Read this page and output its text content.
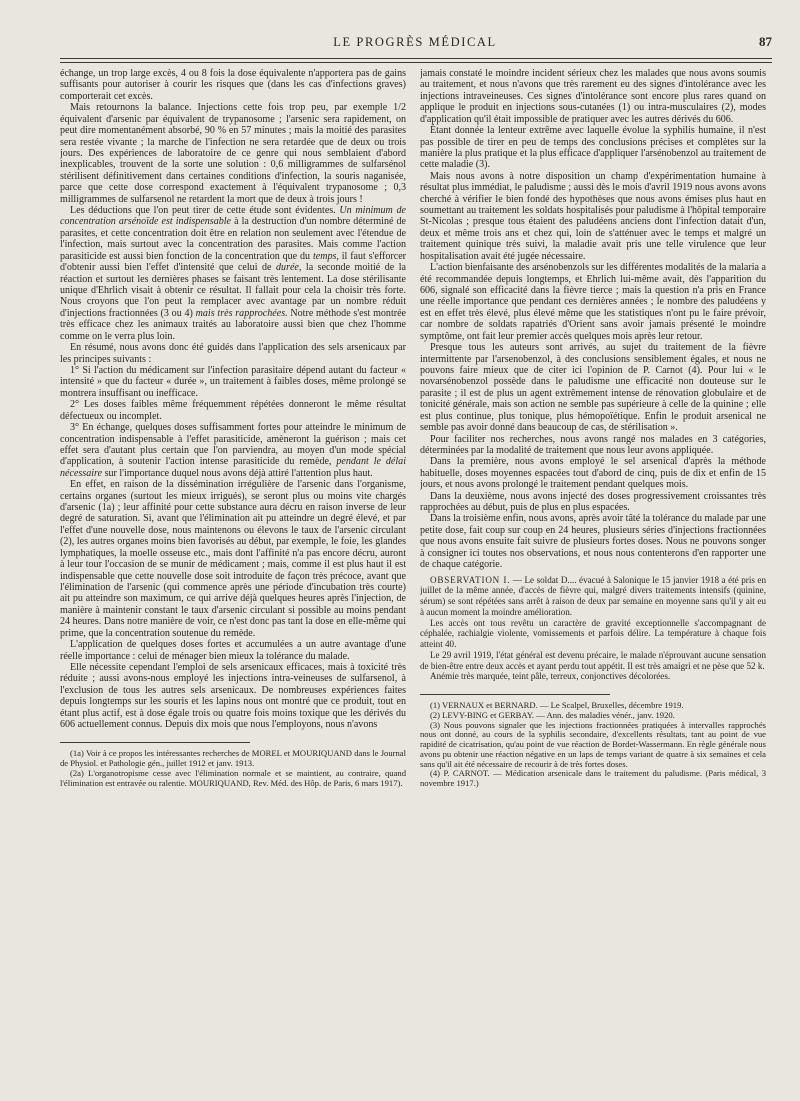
LE PROGRÈS MÉDICAL	87

échange, un trop large excès, 4 ou 8 fois la dose équivalente n'apportera pas de gains suffisants pour autoriser à courir les risques que (dans les cas d'infections graves) comporterait cet excès.

Mais retournons la balance. Injections cette fois trop peu, par exemple 1/2 équivalent d'arsenic par équivalent de trypanosome ; l'arsenic sera rapidement, on peut dire momentanément absorbé, 90 % en 57 minutes ; mais la moitié des parasites sera restée vivante ; la marche de l'infection ne sera retardée que de deux ou trois jours. Des expériences de laboratoire de ce genre qui nous semblaient d'abord inexplicables, trouvent de la sorte une solution : 0,6 milligrammes de sulfarsénol stérilisent définitivement dans certaines conditions d'infection, la souris naganisée, parce que cette dose correspond exactement à l'équivalent trypanosome ; 0,3 milligrammes de sulfarsenol ne retardent la mort que de deux à trois jours !

Les déductions que l'on peut tirer de cette étude sont évidentes. Un minimum de concentration arsénoïde est indispensable à la destruction d'un nombre déterminé de parasites, et cette concentration doit être en relation non seulement avec l'étendue de l'infection, mais surtout avec la concentration des parasites. Mais comme l'action parasiticide est aussi bien fonction de la concentration que du temps, il faut s'efforcer d'obtenir aussi bien l'effet d'intensité que celui de durée, la seconde moitié de la réaction et surtout les dernières phases se faisant très lentement. La dose stérilisante unique d'Ehrlich visait à obtenir ce résultat. Il fallait pour cela la choisir très forte. Nous croyons que l'on peut la remplacer avec avantage par un nombre réduit d'injections fractionnées (3 ou 4) mais très rapprochées. Notre méthode s'est montrée très efficace chez les animaux traités au laboratoire aussi bien que chez l'homme comme on le verra plus loin.

En résumé, nous avons donc été guidés dans l'application des sels arsenicaux par les principes suivants :

1° Si l'action du médicament sur l'infection parasitaire dépend autant du facteur « intensité » que du facteur « durée », un traitement à faibles doses, même prolongé se montrera insuffisant ou inefficace.

2° Les doses faibles même fréquemment répétées donneront le même résultat défectueux ou incomplet.

3° En échange, quelques doses suffisamment fortes pour atteindre le minimum de concentration indispensable à l'effet parasiticide, amèneront la guérison ; mais cet effet sera d'autant plus certain que l'on parviendra, au moyen d'un mode spécial d'application, à soutenir l'action intense parasiticide du remède, pendant le délai nécessaire sur l'importance duquel nous avons déjà attiré l'attention plus haut.

En effet, en raison de la dissémination irrégulière de l'arsenic dans l'organisme, certains organes (surtout les mieux irrigués), se seront plus ou moins vite chargés d'arsenic (1a) ; leur affinité pour cette substance aura décru en raison inverse de leur degré de saturation. Si, avant que l'élimination ait pu atteindre un degré élevé, et par l'effet d'une nouvelle dose, nous maintenons ou élevons le taux de l'arsenic circulant (2), les autres organes moins bien favorisés au début, par exemple, le foie, les glandes lymphatiques, la moelle osseuse etc., mais dont l'affinité n'a pas encore décru, auront à leur tour l'occasion de se munir de médicament ; mais, comme il est plus haut il est indispensable que cette nouvelle dose soit introduite de façon très précoce, avant que l'élimination de l'arsenic (qui commence après une période d'incubation très courte) ait pu atteindre son maximum, ce qui arrive déjà quelques heures après l'injection, de manière à maintenir constant le taux d'arsenic circulant si possible au moins pendant 24 heures. Dans notre manière de voir, ce n'est donc pas tant la dose en elle-même qui prime, que la concentration soutenue du remède.

L'application de quelques doses fortes et accumulées a un autre avantage d'une réelle importance : celui de ménager bien mieux la tolérance du malade.

Elle nécessite cependant l'emploi de sels arsenicaux efficaces, mais à toxicité très réduite ; aussi avons-nous employé les injections intra-veineuses de sulfarsenol, à l'exclusion de tous les autres sels arsenicaux. De nombreuses expériences faites depuis longtemps sur les souris et les lapins nous ont montré que ce produit, tout en étant plus actif, est à dose égale trois ou quatre fois moins toxique que les dérivés du 606 actuellement connus. Depuis dix mois que nous l'employons, nous n'avons

(1a) Voir à ce propos les intéressantes recherches de MOREL et MOURIQUAND dans le Journal de Physiol. et Pathologie gén., juillet 1912 et janv. 1913.

(2a) L'organotropisme cesse avec l'élimination normale et se maintient, au contraire, quand l'élimination est entravée ou ralentie. MOURIQUAND, Rev. Méd. des Hôp. de Paris, 6 mars 1917).

jamais constaté le moindre incident sérieux chez les malades que nous avons soumis au traitement, et nous n'avons que très rarement eu des signes d'intolérance avec les injections intraveineuses. Ces signes d'intolérance sont encore plus rares quand on applique le produit en injections sous-cutanées (1) ou intra-musculaires (2), modes d'application qu'il était impossible de pratiquer avec les autres dérivés du 606.

Étant donnée la lenteur extrême avec laquelle évolue la syphilis humaine, il n'est pas possible de tirer en peu de temps des conclusions précises et complètes sur la manière la plus pratique et la plus efficace d'appliquer l'arsénobenzol au traitement de cette maladie (3).

Mais nous avons à notre disposition un champ d'expérimentation humaine à résultat plus immédiat, le paludisme ; aussi dès le mois d'avril 1919 nous avons avons cherché à vérifier le bien fondé des hypothèses que nous avons émises plus haut en soumettant au traitement les soldats hospitalisés pour paludisme à l'hôpital temporaire St-Nicolas ; presque tous étaient des paludéens anciens dont l'infection datait d'un, deux et même trois ans et chez qui, loin de s'atténuer avec le temps et malgré un traitement quinique très suivi, la maladie avait pris une telle virulence que leur hospitalisation avait été jugée nécessaire.

L'action bienfaisante des arsénobenzols sur les différentes modalités de la malaria a été recommandée depuis longtemps, et Ehrlich lui-même avait, dès l'apparition du 606, signalé son efficacité dans la fièvre tierce ; mais la question n'a pris en France une réelle importance que pendant ces dernières années ; le nombre des paludéens y est en effet très élevé, plus élevé même que les statistiques n'ont pu le faire prévoir, car nombre de soldats rapatriés d'Orient sans avoir jamais présenté le moindre symptôme, ont fait leur premier accès quelques mois après leur retour.

Presque tous les auteurs sont arrivés, au sujet du traitement de la fièvre intermittente par l'arsenobenzol, à des conclusions sensiblement égales, et nous ne pouvons faire mieux que de citer ici l'opinion de P. Carnot (4). Pour lui « le novarsénobenzol possède dans le paludisme une efficacité non douteuse sur le parasite ; il est de plus un agent extrêmement intense de rénovation globulaire et de tonicité générale, mais son action ne semble pas supérieure à celle de la quinine ; elle est plus continue, plus tonique, plus hémopoïétique. Enfin le produit arsenical ne semble pas avoir donné dans beaucoup de cas, de stérilisation ».

Pour faciliter nos recherches, nous avons rangé nos malades en 3 catégories, déterminées par la modalité de traitement que nous leur avons appliquée.

Dans la première, nous avons employé le sel arsenical d'après la méthode habituelle, doses moyennes espacées tout d'abord de cinq, puis de dix et enfin de 15 jours, et nous avons prolongé le traitement pendant quelques mois.

Dans la deuxième, nous avons injecté des doses progressivement croissantes très rapprochées au début, puis de plus en plus espacées.

Dans la troisième enfin, nous avons, après avoir tâté la tolérance du malade par une petite dose, fait coup sur coup en 24 heures, plusieurs séries d'injections fractionnées que nous avons ensuite fait suivre de plusieurs fortes doses. Nous ne pouvons songer à consigner ici toutes nos observations, et nous nous contenterons d'en rapporter une de chaque catégorie.

OBSERVATION I. — Le soldat D.... évacué à Salonique le 15 janvier 1918 a été pris en juillet de la même année, d'accès de fièvre qui, malgré divers traitements intensifs (quinine, sérum) se sont répétées sans arrêt à raison de deux par semaine en moyenne sans qu'il y ait eu à aucun moment la moindre amélioration.

Les accès ont tous revêtu un caractère de gravité exceptionnelle s'accompagnant de céphalée, rachialgie violente, vomissements et parfois délire. La température à chaque fois atteint 40.

Le 29 avril 1919, l'état général est devenu précaire, le malade n'éprouvant aucune sensation de bien-être entre deux accès et ayant perdu tout appétit. Il est très amaigri et ne pèse que 52 k.

Anémie très marquée, teint pâle, terreux, conjonctives décolorées.

(1) VERNAUX et BERNARD. — Le Scalpel, Bruxelles, décembre 1919.

(2) LEVY-BING et GERBAY. — Ann. des maladies vénér., janv. 1920.

(3) Nous pouvons signaler que les injections fractionnées pratiquées à intervalles rapprochés nous ont donné, au cours de la syphilis secondaire, d'excellents résultats, tant au point de vue rapidité de cicatrisation, qu'au point de vue réaction de Bordet-Wassermann. En règle générale nous avons pu obtenir une réaction négative en un laps de temps variant de quatre à six semaines et cela sans qu'il ait été nécessaire de recourir à de très fortes doses.

(4) P. CARNOT. — Médication arsenicale dans le traitement du paludisme. (Paris médical, 3 novembre 1917.)
